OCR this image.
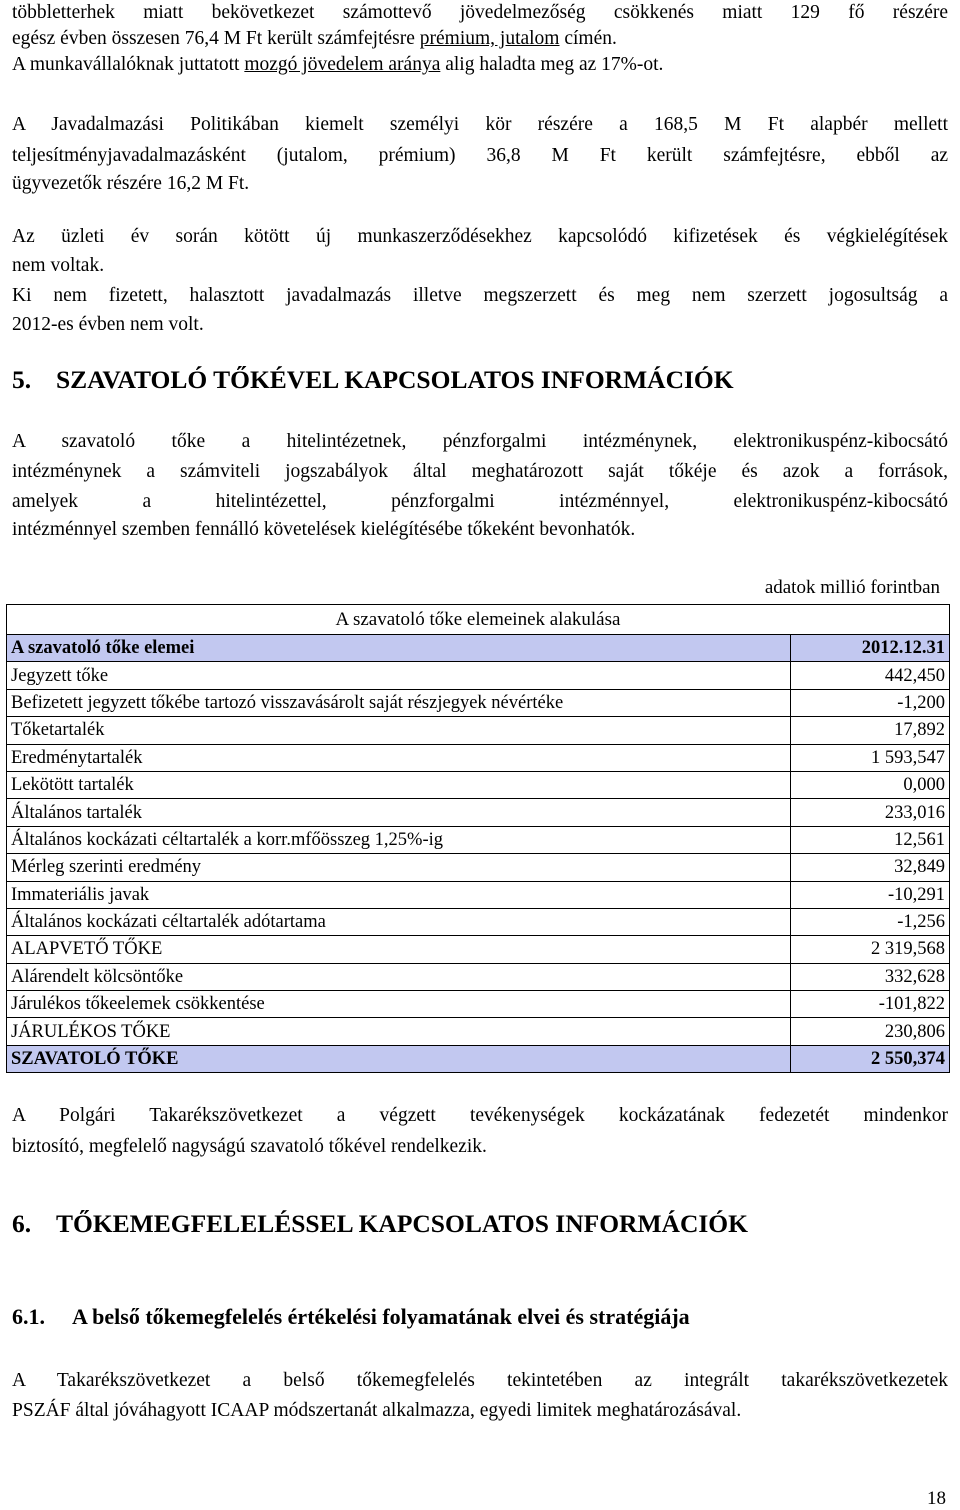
többletterhek miatt bekövetkezet számottevő jövedelmezőség csökkenés miatt 129 fő részére
egész évben összesen 76,4 M Ft került számfejtésre prémium, jutalom címén.
A munkavállalóknak juttatott mozgó jövedelem aránya alig haladta meg az 17%-ot.
A Javadalmazási Politikában kiemelt személyi kör részére a 168,5 M Ft alapbér mellett
teljesítményjavadalmazásként (jutalom, prémium) 36,8 M Ft került számfejtésre, ebből az
ügyvezetők részére 16,2 M Ft.
Az üzleti év során kötött új munkaszerződésekhez kapcsolódó kifizetések és végkielégítések
nem voltak.
Ki nem fizetett, halasztott javadalmazás illetve megszerzett és meg nem szerzett jogosultság a
2012-es évben nem volt.
5. SZAVATOLÓ TŐKÉVEL KAPCSOLATOS INFORMÁCIÓK
A szavatoló tőke a hitelintézetnek, pénzforgalmi intézménynek, elektronikuspénz-kibocsátó
intézménynek a számviteli jogszabályok által meghatározott saját tőkéje és azok a források,
amelyek a hitelintézettel, pénzforgalmi intézménnyel, elektronikuspénz-kibocsátó
intézménnyel szemben fennálló követelések kielégítésébe tőkeként bevonhatók.
adatok millió forintban
A szavatoló tőke elemeinek alakulása
A szavatoló tőke elemei	2012.12.31
Jegyzett tőke	442,450
Befizetett jegyzett tőkébe tartozó visszavásárolt saját részjegyek névértéke	-1,200
Tőketartalék	17,892
Eredménytartalék	1 593,547
Lekötött tartalék	0,000
Általános tartalék	233,016
Általános kockázati céltartalék a korr.mfőösszeg 1,25%-ig	12,561
Mérleg szerinti eredmény	32,849
Immateriális javak	-10,291
Általános kockázati céltartalék adótartama	-1,256
ALAPVETŐ TŐKE	2 319,568
Alárendelt kölcsöntőke	332,628
Járulékos tőkeelemek csökkentése	-101,822
JÁRULÉKOS TŐKE	230,806
SZAVATOLÓ TŐKE	2 550,374
A Polgári Takarékszövetkezet a végzett tevékenységek kockázatának fedezetét mindenkor
biztosító, megfelelő nagyságú szavatoló tőkével rendelkezik.
6. TŐKEMEGFELELÉSSEL KAPCSOLATOS INFORMÁCIÓK
6.1. A belső tőkemegfelelés értékelési folyamatának elvei és stratégiája
A Takarékszövetkezet a belső tőkemegfelelés tekintetében az integrált takarékszövetkezetek
PSZÁF által jóváhagyott ICAAP módszertanát alkalmazza, egyedi limitek meghatározásával.
18
